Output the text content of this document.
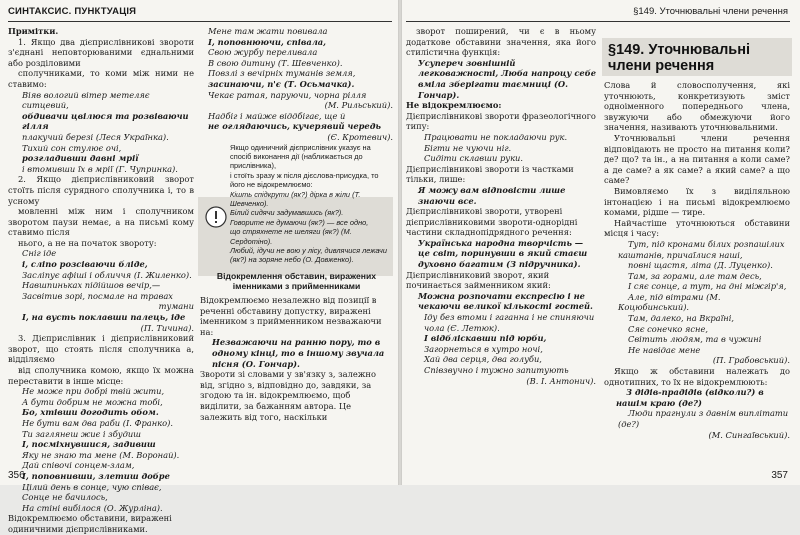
СИНТАКСИС. ПУНКТУАЦІЯ

Примітки.

1. Якщо два дієприслівникові звороти з'єднані неповторюваними єднальними або розділовими

сполучниками, то коми між ними не ставимо:

Віяв вологий вітер метеляє ситцевий,

обдивачи цвілюся та розвіваючи гілля

плакучий березі (Леся Українка).

Тихий сон стулює очі,

розгладивши давні мрії

і втомивши їх в мрії (Г. Чупринка).

2. Якщо дієприслівниковий зворот стоїть після сурядного сполучника і, то в усному

мовленні між ним і сполучником зворотом паузи немає, а на письмі кому ставимо після

нього, а не на початок звороту:

Сніг іде

і, сліпо розсіваючи бліде,

Засліпує афіші і обличчя (І. Жиленко).

Навшпиньках підійшов вечір,—

Засвітив зорі, посмале на травах

тумани

І, на вусть поклавши палець, іде

(П. Тичина).

3. Дієприслівник і дієприслівниковий зворот, що стоять після сполучника а, відділяємо

від сполучника комою, якщо їх можна переставити в інше місце:

Не може при добрі твій жити,

А бути добрим не можна тобі,

Бо, хтівши догодить обом.

Не бути вам два раби (І. Франко).

Ти заглянеш жиє і збудиш

І, посміхнувшися, задивиш

Яку не знаю та мене (М. Воронай).

Дай співочі сонцем-злам,

І, поповнивши, злетиш добре

Цілий день в сонце, чую співає,

Сонце не бачилось,

На стіні вибілося (О. Журліна).

Відокремлюємо обставини, виражені одиничними дієприслівниками.

Мене там жати повивала

І, поповнюючи, співала,

Свою журбу переливала

В свою дитину (Т. Шевченко).

Повзлі з вечірніх туманів земля,

засинаючи, п'є (Т. Осьмачка).

Чекає ратая, паруючи, чорна рілля

(М. Рильський).

Надбіг і майже віддбігає, ще й

не оглядаючись, кучерявий чередь

(Є. Кротевич).

Якщо одиничний дієприслівник указує на спосіб виконання дії (наближається до прислівника),

і стоїть зразу ж після дієслова-присудка, то його не відокремлюємо:

Кішть спідкрути (як?) дірка в жіли (Т. Шевченко).

Білий сидячи задумавшись (як?).

Говорите не думаючи (як?) — все одно,

що стряхнете не шеляги (як?) (М. Сердотіно).

Любий, ідучи не вою у лісу, дивлячися лежачи

(як?) на зоряне небо (О. Довженко).

Відокремлення обставин, виражених іменниками з прийменниками

Відокремлюємо незалежно від позиції в реченні обставину допустку, виражені іменником з прийменником незважаючи на:

Незважаючи на ранню пору, то в одному кінці, то в іншому звучала пісня (О. Гончар).

Звороти зі словами у зв'язку з, залежно від, згідно з, відповідно до, завдяки, за згодою та ін. відокремлюємо, щоб виділити, за бажанням автора. Це залежить від того, наскільки

356
§149. Уточнювальні члени речення

зворот поширений, чи є в ньому додаткове обставини значення, яка його стилістична функція:

Усупереч зовнішній легковажності, Люба напроцу себе вміла зберігати таємниці (О. Гончар).

Не відокремлюємо:

Дієприслівникові звороти фразеологічного типу:

Працювати не покладаючи рук.

Бігти не чуючи ніг.

Сидіти склавши руки.

Дієприслівникові звороти із частками тільки, лише:

Я можу вам відповісти лише знаючи все.

Дієприслівникові звороти, утворені дієприслівниковими звороти-однорідні частини складнопідрядного речення:

Українська народна творчість — це світ, поринувши в який стаєш духовно багатим (З підручника).

Дієприслівниковий зворот, який починається займенником який:

Можна розпочати експресію і не чекаючи великої кількості гостей.

Іду без втоми і гаганна і не спиняючи чола (Є. Летюк).

І відбліскавши під юрби,

Загорнеться в хутро ночі,

Хай два серця, два голуби,

Співзвучно і тужно запитують

(В. І. Антонич).

§149. Уточнювальні члени речення

Слова й словосполучення, які уточнюють, конкретизують зміст одноіменного попереднього члена, звужуючи або обмежуючи його значення, називають уточнювальними.

Уточнювальні члени речення відповідають не просто на питання коли? де? що? та ін., а на питання а коли саме? а де саме? а як саме? а який саме? а що саме?

Вимовляємо їх з виділяльною інтонацією і на письмі відокремлюємо комами, рідше — тире.

Найчастіше уточнюються обставини місця і часу:

Тут, під кронами білих розпашілих каштанів, причаїлися наші,

повні щастя, літа (Д. Луценко).

Там, за горами, але там десь,

І сяє сонце, а тут, на дні міжгір'я,

Але, під вітрами (М. Коцюбинський).

Там, далеко, на Вкраїні,

Сяє сонечко ясне,

Світить людям, та в чужині

Не навідає мене

(П. Грабовський).

Якщо ж обставини належать до однотипних, то їх не відокремлюють:

З дідів-прадідів (відколи?) в нашім краю (де?)

Люди прагнули з давнім виплітати (де?)

(М. Сингаївський).

357
